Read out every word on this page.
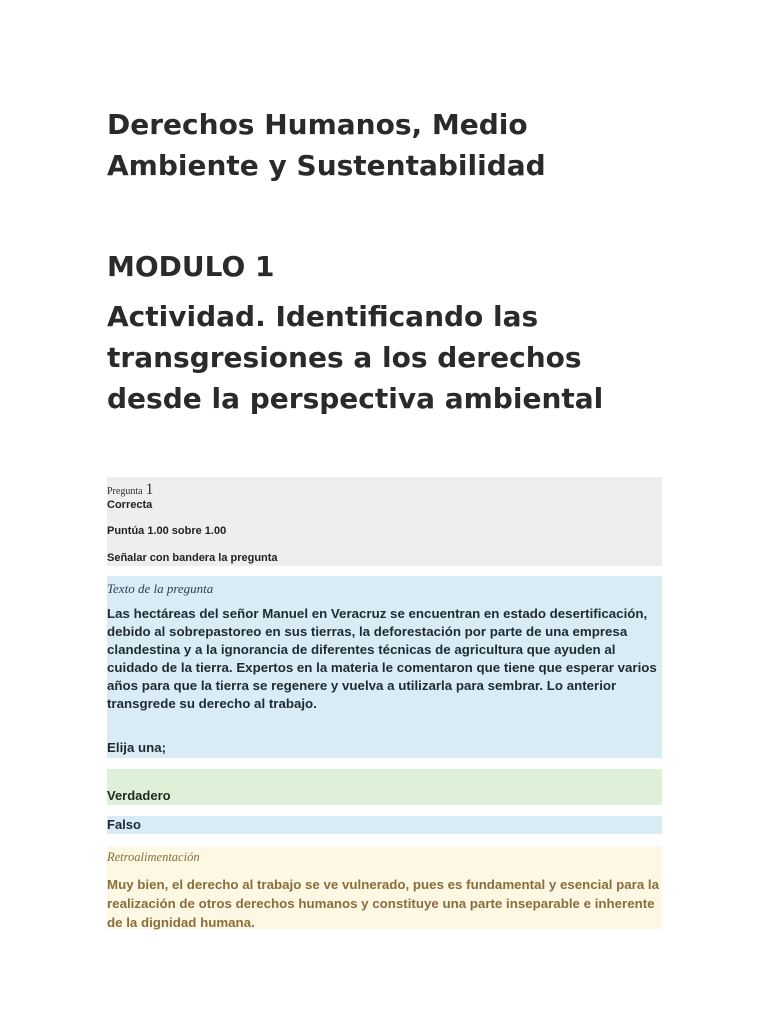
Derechos Humanos, Medio Ambiente y Sustentabilidad
MODULO 1
Actividad. Identificando las transgresiones a los derechos desde la perspectiva ambiental
Pregunta 1
Correcta
Puntúa 1.00 sobre 1.00
Señalar con bandera la pregunta
Texto de la pregunta

Las hectáreas del señor Manuel en Veracruz se encuentran en estado desertificación, debido al sobrepastoreo en sus tierras, la deforestación por parte de una empresa clandestina y a la ignorancia de diferentes técnicas de agricultura que ayuden al cuidado de la tierra. Expertos en la materia le comentaron que tiene que esperar varios años para que la tierra se regenere y vuelva a utilizarla para sembrar. Lo anterior transgrede su derecho al trabajo.

Elija una;
Verdadero
Falso
Retroalimentación

Muy bien, el derecho al trabajo se ve vulnerado, pues es fundamental y esencial para la realización de otros derechos humanos y constituye una parte inseparable e inherente de la dignidad humana.
